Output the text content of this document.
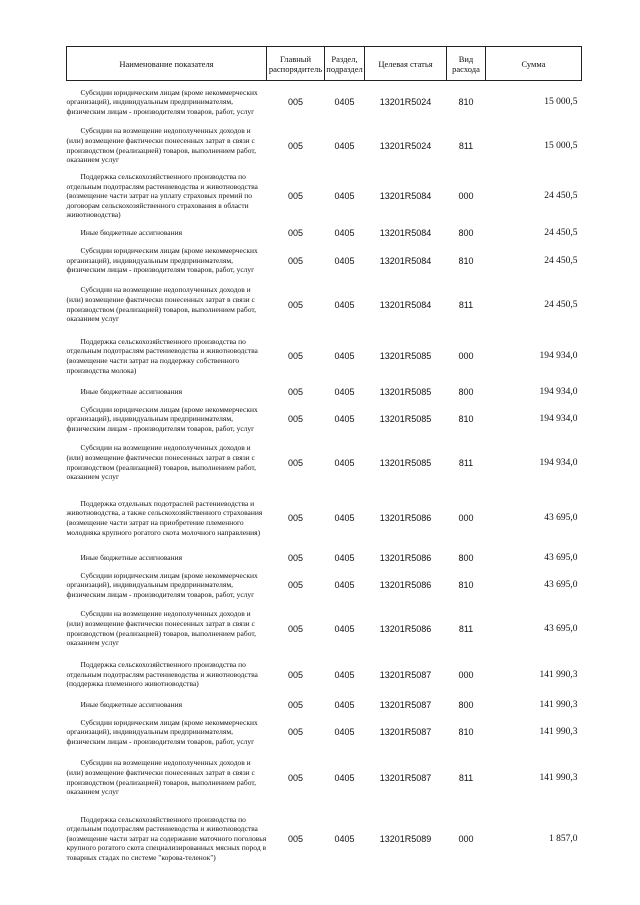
Наименование показателя	Главный распорядитель	Раздел, подраздел	Целевая статья	Вид расхода	Сумма
Субсидии юридическим лицам (кроме некоммерческих организаций), индивидуальным предпринимателям, физическим лицам - производителям товаров, работ, услуг	005	0405	13201R5024	810	15 000,5
Субсидии на возмещение недополученных доходов и (или) возмещение фактически понесенных затрат в связи с производством (реализацией) товаров, выполнением работ, оказанием услуг	005	0405	13201R5024	811	15 000,5
Поддержка сельскохозяйственного производства по отдельным подотраслям растениеводства и животноводства (возмещение части затрат на уплату страховых премий по договорам сельскохозяйственного страхования в области животноводства)	005	0405	13201R5084	000	24 450,5
Иные бюджетные ассигнования	005	0405	13201R5084	800	24 450,5
Субсидии юридическим лицам (кроме некоммерческих организаций), индивидуальным предпринимателям, физическим лицам - производителям товаров, работ, услуг	005	0405	13201R5084	810	24 450,5
Субсидии на возмещение недополученных доходов и (или) возмещение фактически понесенных затрат в связи с производством (реализацией) товаров, выполнением работ, оказанием услуг	005	0405	13201R5084	811	24 450,5
Поддержка сельскохозяйственного производства по отдельным подотраслям растениеводства и животноводства (возмещение части затрат на поддержку собственного производства молока)	005	0405	13201R5085	000	194 934,0
Иные бюджетные ассигнования	005	0405	13201R5085	800	194 934,0
Субсидии юридическим лицам (кроме некоммерческих организаций), индивидуальным предпринимателям, физическим лицам - производителям товаров, работ, услуг	005	0405	13201R5085	810	194 934,0
Субсидии на возмещение недополученных доходов и (или) возмещение фактически понесенных затрат в связи с производством (реализацией) товаров, выполнением работ, оказанием услуг	005	0405	13201R5085	811	194 934,0
Поддержка отдельных подотраслей растениеводства и животноводства, а также сельскохозяйственного страхования (возмещение части затрат на приобретение племенного молодняка крупного рогатого скота молочного направления)	005	0405	13201R5086	000	43 695,0
Иные бюджетные ассигнования	005	0405	13201R5086	800	43 695,0
Субсидии юридическим лицам (кроме некоммерческих организаций), индивидуальным предпринимателям, физическим лицам - производителям товаров, работ, услуг	005	0405	13201R5086	810	43 695,0
Субсидии на возмещение недополученных доходов и (или) возмещение фактически понесенных затрат в связи с производством (реализацией) товаров, выполнением работ, оказанием услуг	005	0405	13201R5086	811	43 695,0
Поддержка сельскохозяйственного производства по отдельным подотраслям растениеводства и животноводства (поддержка племенного животноводства)	005	0405	13201R5087	000	141 990,3
Иные бюджетные ассигнования	005	0405	13201R5087	800	141 990,3
Субсидии юридическим лицам (кроме некоммерческих организаций), индивидуальным предпринимателям, физическим лицам - производителям товаров, работ, услуг	005	0405	13201R5087	810	141 990,3
Субсидии на возмещение недополученных доходов и (или) возмещение фактически понесенных затрат в связи с производством (реализацией) товаров, выполнением работ, оказанием услуг	005	0405	13201R5087	811	141 990,3
Поддержка сельскохозяйственного производства по отдельным подотраслям растениеводства и животноводства (возмещение части затрат на содержание маточного поголовья крупного рогатого скота специализированных мясных пород в товарных стадах по системе "корова-теленок")	005	0405	13201R5089	000	1 857,0
